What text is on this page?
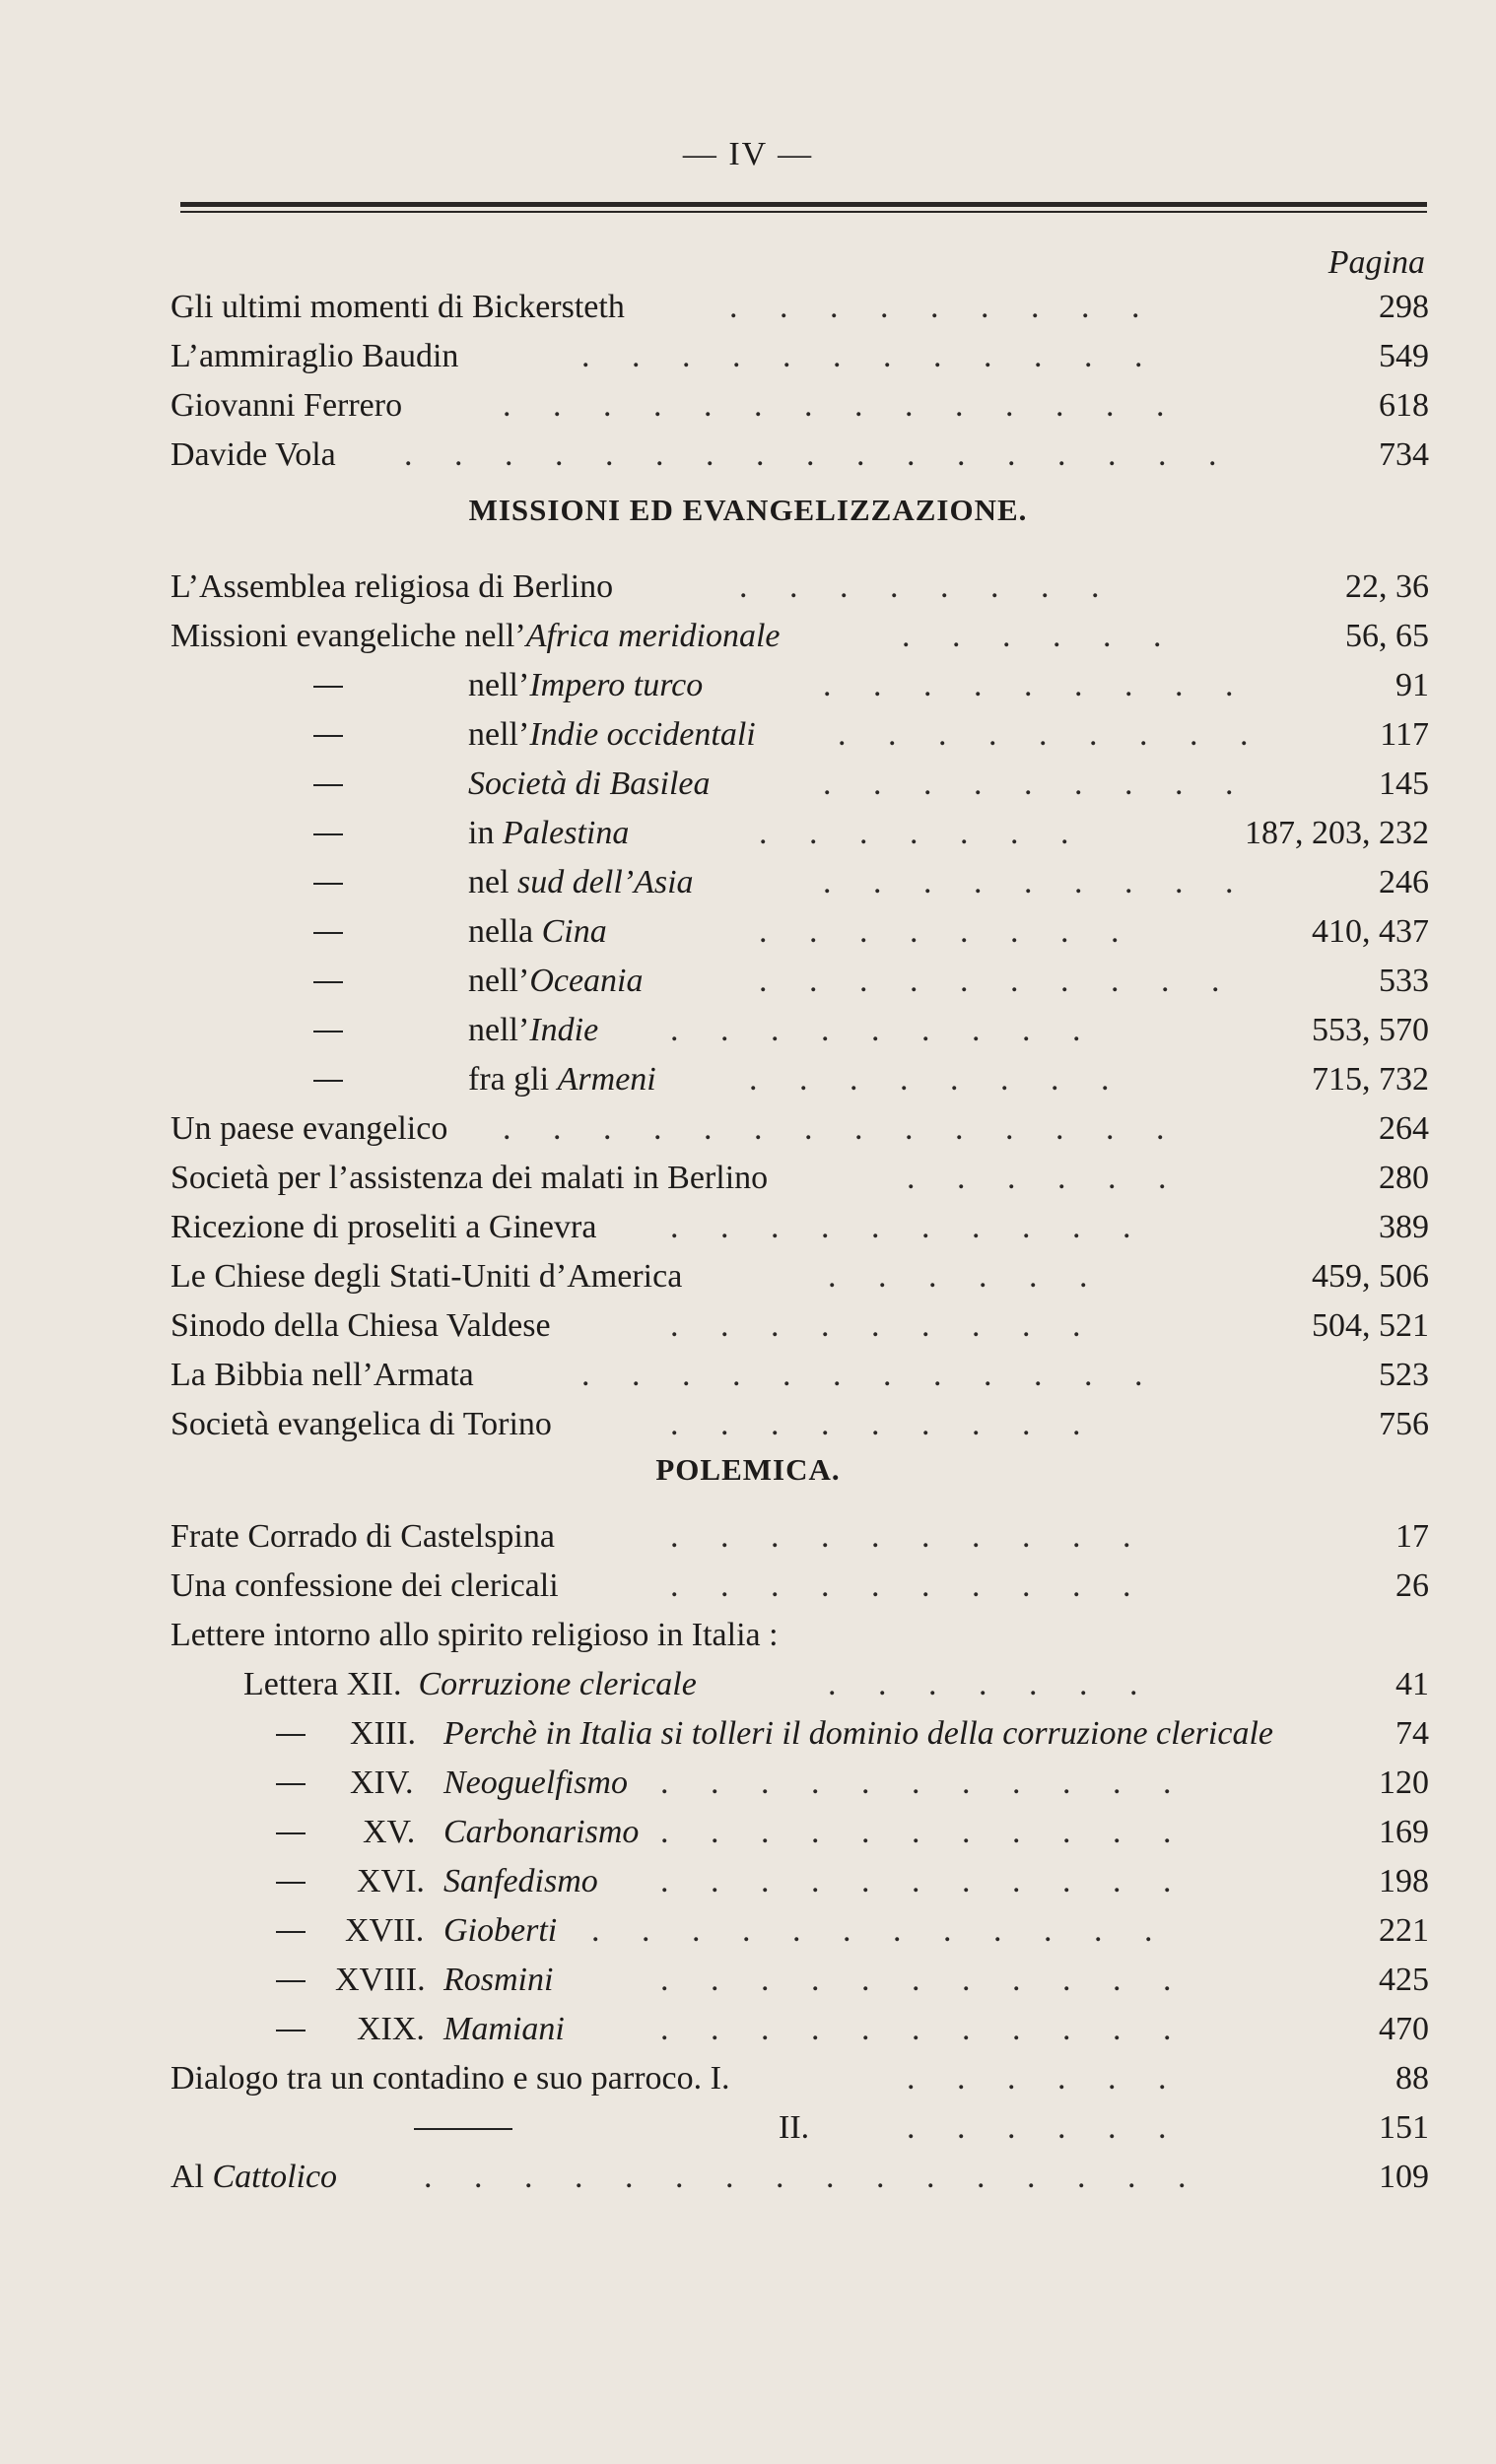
— IV —
Pagina
Gli ultimi momenti di Bickersteth	.     .     .     .     .     .     .     .     .	298
L’ammiraglio Baudin	.     .     .     .     .     .     .     .     .     .     .     .	549
Giovanni Ferrero	.     .     .     .     .     .     .     .     .     .     .     .     .     .	618
Davide Vola .     .     .     .     .     .     .     .     .     .     .     .     .     .     .     .     .	734
MISSIONI ED EVANGELIZZAZIONE.
L’Assemblea religiosa di Berlino	.     .     .     .     .     .     .     .	22, 36
Missioni evangeliche nell’Africa meridionale	.     .     .     .     .     .	56, 65
nell’Impero turco	.     .     .     .     .     .     .     .     .	91
nell’Indie occidentali .     .     .     .     .     .     .     .     .	117
Società di Basilea	.     .     .     .     .     .     .     .     .	145
in Palestina	.     .     .     .     .     .     .	187, 203, 232
nel sud dell’Asia	.     .     .     .     .     .     .     .     .	246
nella Cina	.     .     .     .     .     .     .     .	410, 437
nell’Oceania	.     .     .     .     .     .     .     .     .     .	533
nell’Indie .     .     .     .     .     .     .     .     .	553, 570
fra gli Armeni	.     .     .     .     .     .     .     .	715, 732
Un paese evangelico .     .     .     .     .     .     .     .     .     .     .     .     .     .	264
Società per l’assistenza dei malati in Berlino	.     .     .     .     .     .	280
Ricezione di proseliti a Ginevra .     .     .     .     .     .     .     .     .     .	389
Le Chiese degli Stati-Uniti d’America	.     .     .     .     .     .	459, 506
Sinodo della Chiesa Valdese	.     .     .     .     .     .     .     .     .	504, 521
La Bibbia nell’Armata	.     .     .     .     .     .     .     .     .     .     .     .	523
Società evangelica di Torino	.     .     .     .     .     .     .     .     .	756
POLEMICA.
Frate Corrado di Castelspina	.     .     .     .     .     .     .     .     .     .	17
Una confessione dei clericali	.     .     .     .     .     .     .     .     .     .	26
Lettere intorno allo spirito religioso in Italia :
Lettera XII. Corruzione clericale	.     .     .     .     .     .     .	41
XIII. Perchè in Italia si tolleri il dominio della corruzione clericale	74
XIV. Neoguelfismo .     .     .     .     .     .     .     .     .     .     .	120
XV. Carbonarismo .     .     .     .     .     .     .     .     .     .     .	169
XVI. Sanfedismo .     .     .     .     .     .     .     .     .     .     .	198
XVII. Gioberti .     .     .     .     .     .     .     .     .     .     .     .	221
XVIII. Rosmini	.     .     .     .     .     .     .     .     .     .     .	425
XIX. Mamiani	.     .     .     .     .     .     .     .     .     .     .	470
Dialogo tra un contadino e suo parroco. I.	.     .     .     .     .     .	88
II.	.     .     .     .     .     .	151
Al Cattolico	.     .     .     .     .     .     .     .     .     .     .     .     .     .     .     .	109
